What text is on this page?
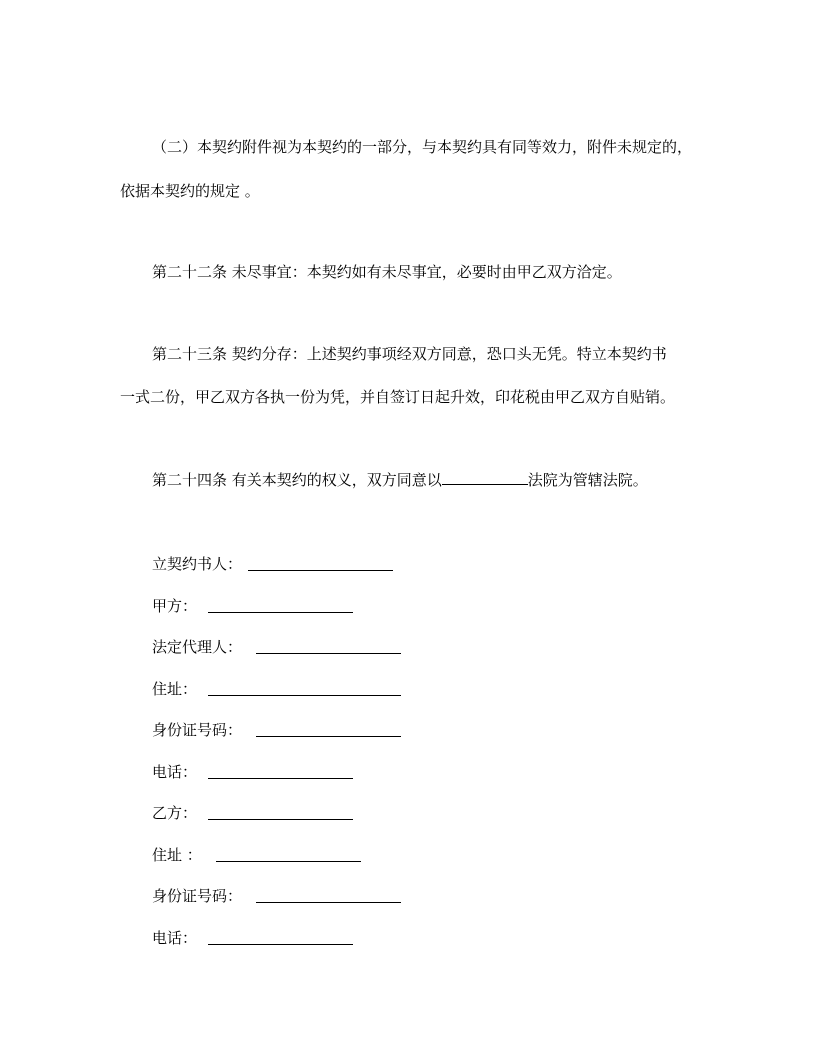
（二）本契约附件视为本契约的一部分，与本契约具有同等效力，附件未规定的，
依据本契约的规定 。
第二十二条 未尽事宜：本契约如有未尽事宜，必要时由甲乙双方洽定。
第二十三条 契约分存：上述契约事项经双方同意，恐口头无凭。特立本契约书
一式二份，甲乙双方各执一份为凭，并自签订日起升效，印花税由甲乙双方自贴销。
第二十四条 有关本契约的权义，双方同意以	法院为管辖法院。
立契约书人：
甲方：
法定代理人：
住址：
身份证号码：
电话：
乙方：
住址 ：
身份证号码：
电话：
